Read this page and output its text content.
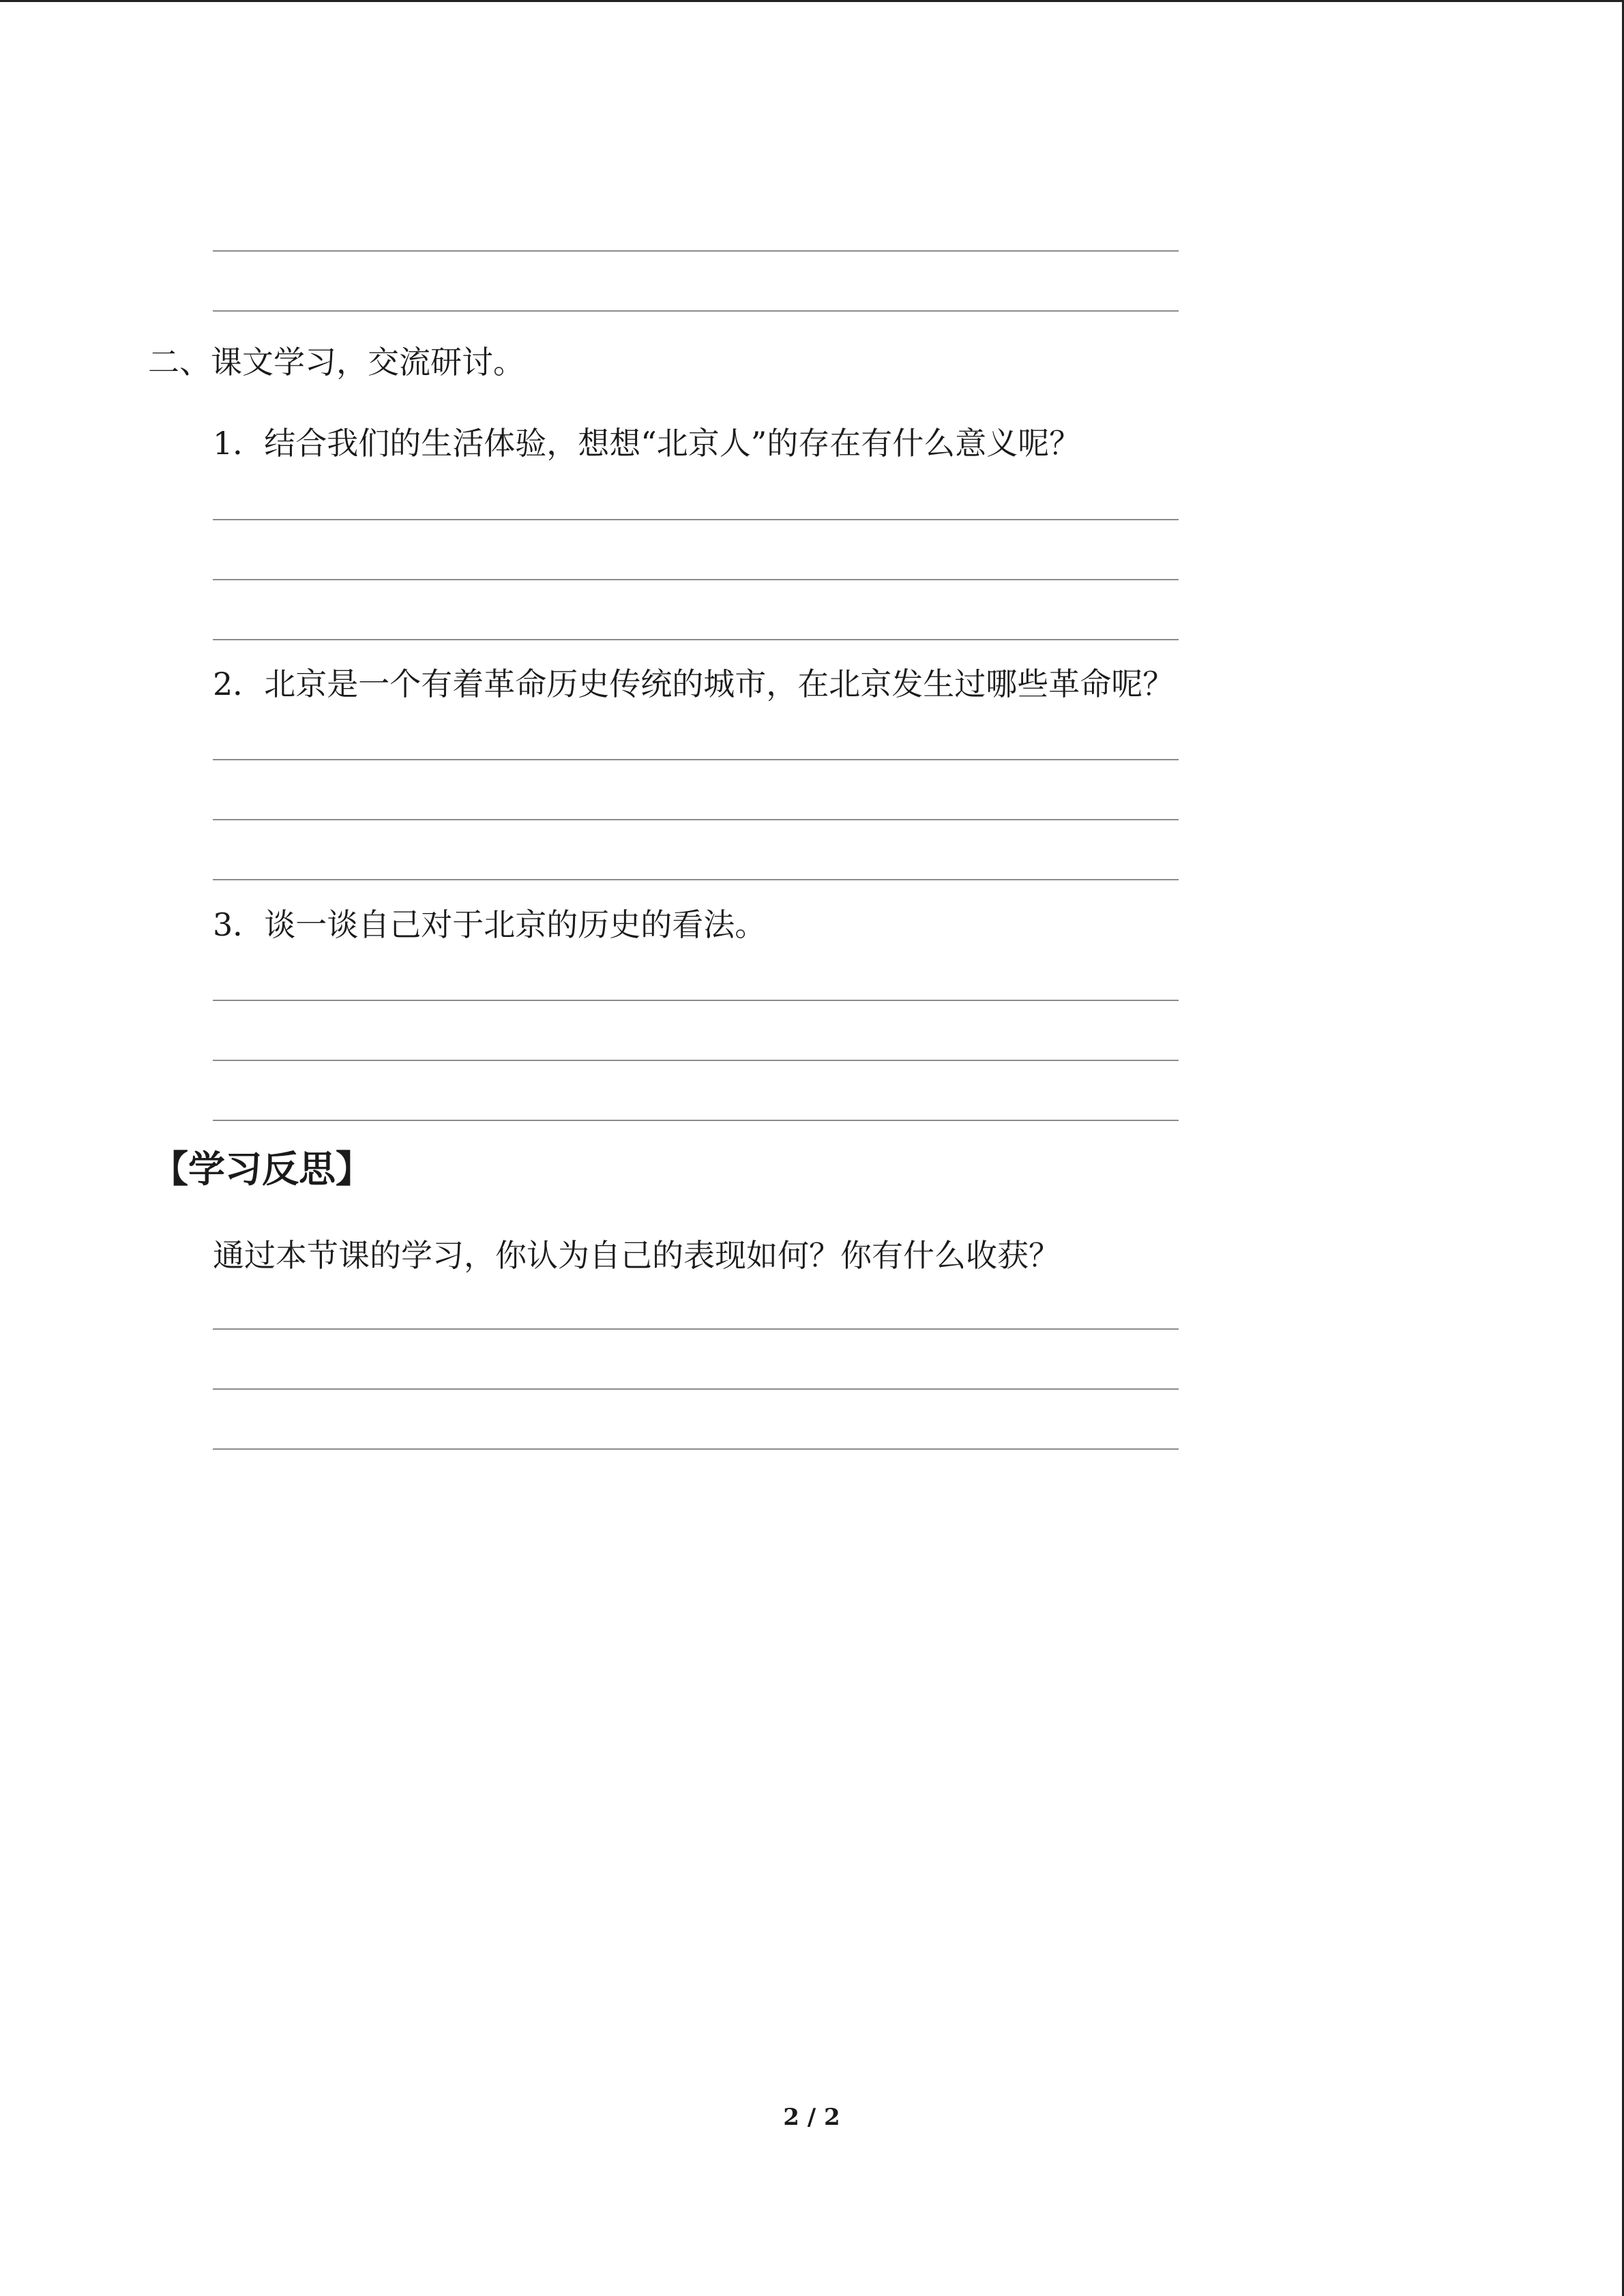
二、课文学习，交流研讨。
1．结合我们的生活体验，想想“北京人”的存在有什么意义呢？
2．北京是一个有着革命历史传统的城市，在北京发生过哪些革命呢？
3．谈一谈自己对于北京的历史的看法。
【学习反思】
通过本节课的学习，你认为自己的表现如何？你有什么收获？
2 / 2
